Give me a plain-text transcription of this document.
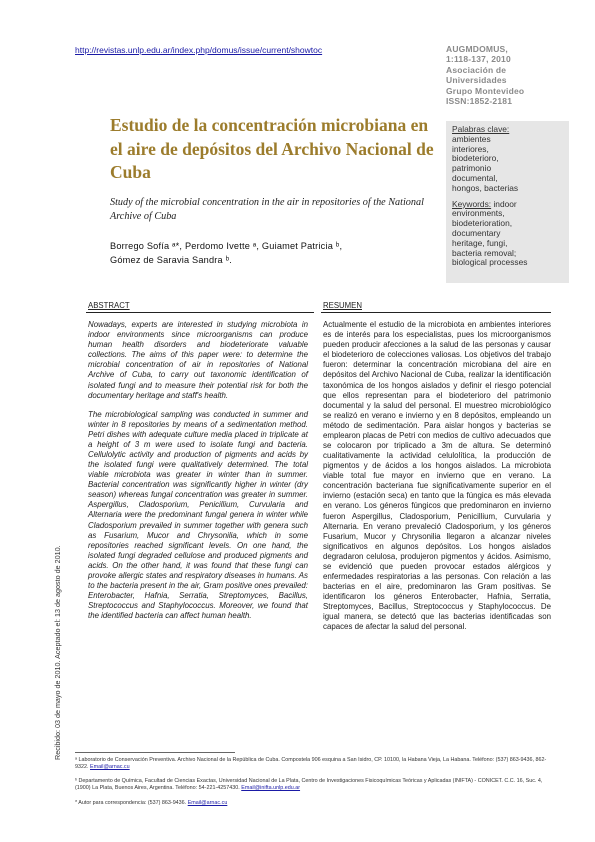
http://revistas.unlp.edu.ar/index.php/domus/issue/current/showtoc	AUGMDOMUS,
1:118-137, 2010
Asociación de
Universidades
Grupo Montevideo
ISSN:1852-2181
Estudio de la concentración microbiana en el aire de depósitos del Archivo Nacional de Cuba
Study of the microbial concentration in the air in repositories of the National Archive of Cuba
Borrego Sofía ᵃ*, Perdomo Ivette ᵃ, Guiamet Patricia ᵇ,
Gómez de Saravia Sandra ᵇ.
Palabras clave:
ambientes
interiores,
biodeterioro,
patrimonio
documental,
hongos, bacterias
Keywords: indoor
environments,
biodeterioration,
documentary
heritage, fungi,
bacteria removal;
biological processes
Recibido: 03 de mayo de 2010. Aceptado el: 13 de agosto de 2010.
ABSTRACT

Nowadays, experts are interested in studying microbiota in indoor environments since microorganisms can produce human health disorders and biodeteriorate valuable collections. The aims of this paper were: to determine the microbial concentration of air in repositories of National Archive of Cuba, to carry out taxonomic identification of isolated fungi and to measure their potential risk for both the documentary heritage and staff's health.

The microbiological sampling was conducted in summer and winter in 8 repositories by means of a sedimentation method. Petri dishes with adequate culture media placed in triplicate at a height of 3 m were used to isolate fungi and bacteria. Cellulolytic activity and production of pigments and acids by the isolated fungi were qualitatively determined. The total viable microbiota was greater in winter than in summer. Bacterial concentration was significantly higher in winter (dry season) whereas fungal concentration was greater in summer. Aspergillus, Cladosporium, Penicillium, Curvularia and Alternaria were the predominant fungal genera in winter while Cladosporium prevailed in summer together with genera such as Fusarium, Mucor and Chrysonilia, which in some repositories reached significant levels. On one hand, the isolated fungi degraded cellulose and produced pigments and acids. On the other hand, it was found that these fungi can provoke allergic states and respiratory diseases in humans. As to the bacteria present in the air, Gram positive ones prevailed: Enterobacter, Hafnia, Serratia, Streptomyces, Bacillus, Streptococcus and Staphylococcus. Moreover, we found that the identified bacteria can affect human health.

RESUMEN

Actualmente el estudio de la microbiota en ambientes interiores es de interés para los especialistas, pues los microorganismos pueden producir afecciones a la salud de las personas y causar el biodeterioro de colecciones valiosas. Los objetivos del trabajo fueron: determinar la concentración microbiana del aire en depósitos del Archivo Nacional de Cuba, realizar la identificación taxonómica de los hongos aislados y definir el riesgo potencial que ellos representan para el biodeterioro del patrimonio documental y la salud del personal. El muestreo microbiológico se realizó en verano e invierno y en 8 depósitos, empleando un método de sedimentación. Para aislar hongos y bacterias se emplearon placas de Petri con medios de cultivo adecuados que se colocaron por triplicado a 3m de altura. Se determinó cualitativamente la actividad celulolítica, la producción de pigmentos y de ácidos a los hongos aislados. La microbiota viable total fue mayor en invierno que en verano. La concentración bacteriana fue significativamente superior en el invierno (estación seca) en tanto que la fúngica es más elevada en verano. Los géneros fúngicos que predominaron en invierno fueron Aspergillus, Cladosporium, Penicillium, Curvularia y Alternaria. En verano prevaleció Cladosporium, y los géneros Fusarium, Mucor y Chrysonilia llegaron a alcanzar niveles significativos en algunos depósitos. Los hongos aislados degradaron celulosa, produjeron pigmentos y ácidos. Asimismo, se evidenció que pueden provocar estados alérgicos y enfermedades respiratorias a las personas. Con relación a las bacterias en el aire, predominaron las Gram positivas. Se identificaron los géneros Enterobacter, Hafnia, Serratia, Streptomyces, Bacillus, Streptococcus y Staphylococcus. De igual manera, se detectó que las bacterias identificadas son capaces de afectar la salud del personal.

ᵃ Laboratorio de Conservación Preventiva. Archivo Nacional de la República de Cuba. Compostela 906 esquina a San Isidro, CP. 10100, la Habana Vieja, La Habana. Teléfono: (537) 863-9436, 862-9322. Email@arnac.cu
ᵇ Departamento de Química, Facultad de Ciencias Exactas, Universidad Nacional de La Plata, Centro de Investigaciones Fisicoquímicas Teóricas y Aplicadas (INIFTA) - CONICET. C.C. 16, Suc. 4, (1900) La Plata, Buenos Aires, Argentina. Teléfono: 54-221-4257430. Email@inifta.unlp.edu.ar
* Autor para correspondencia: (537) 863-9436. Email@arnac.cu
